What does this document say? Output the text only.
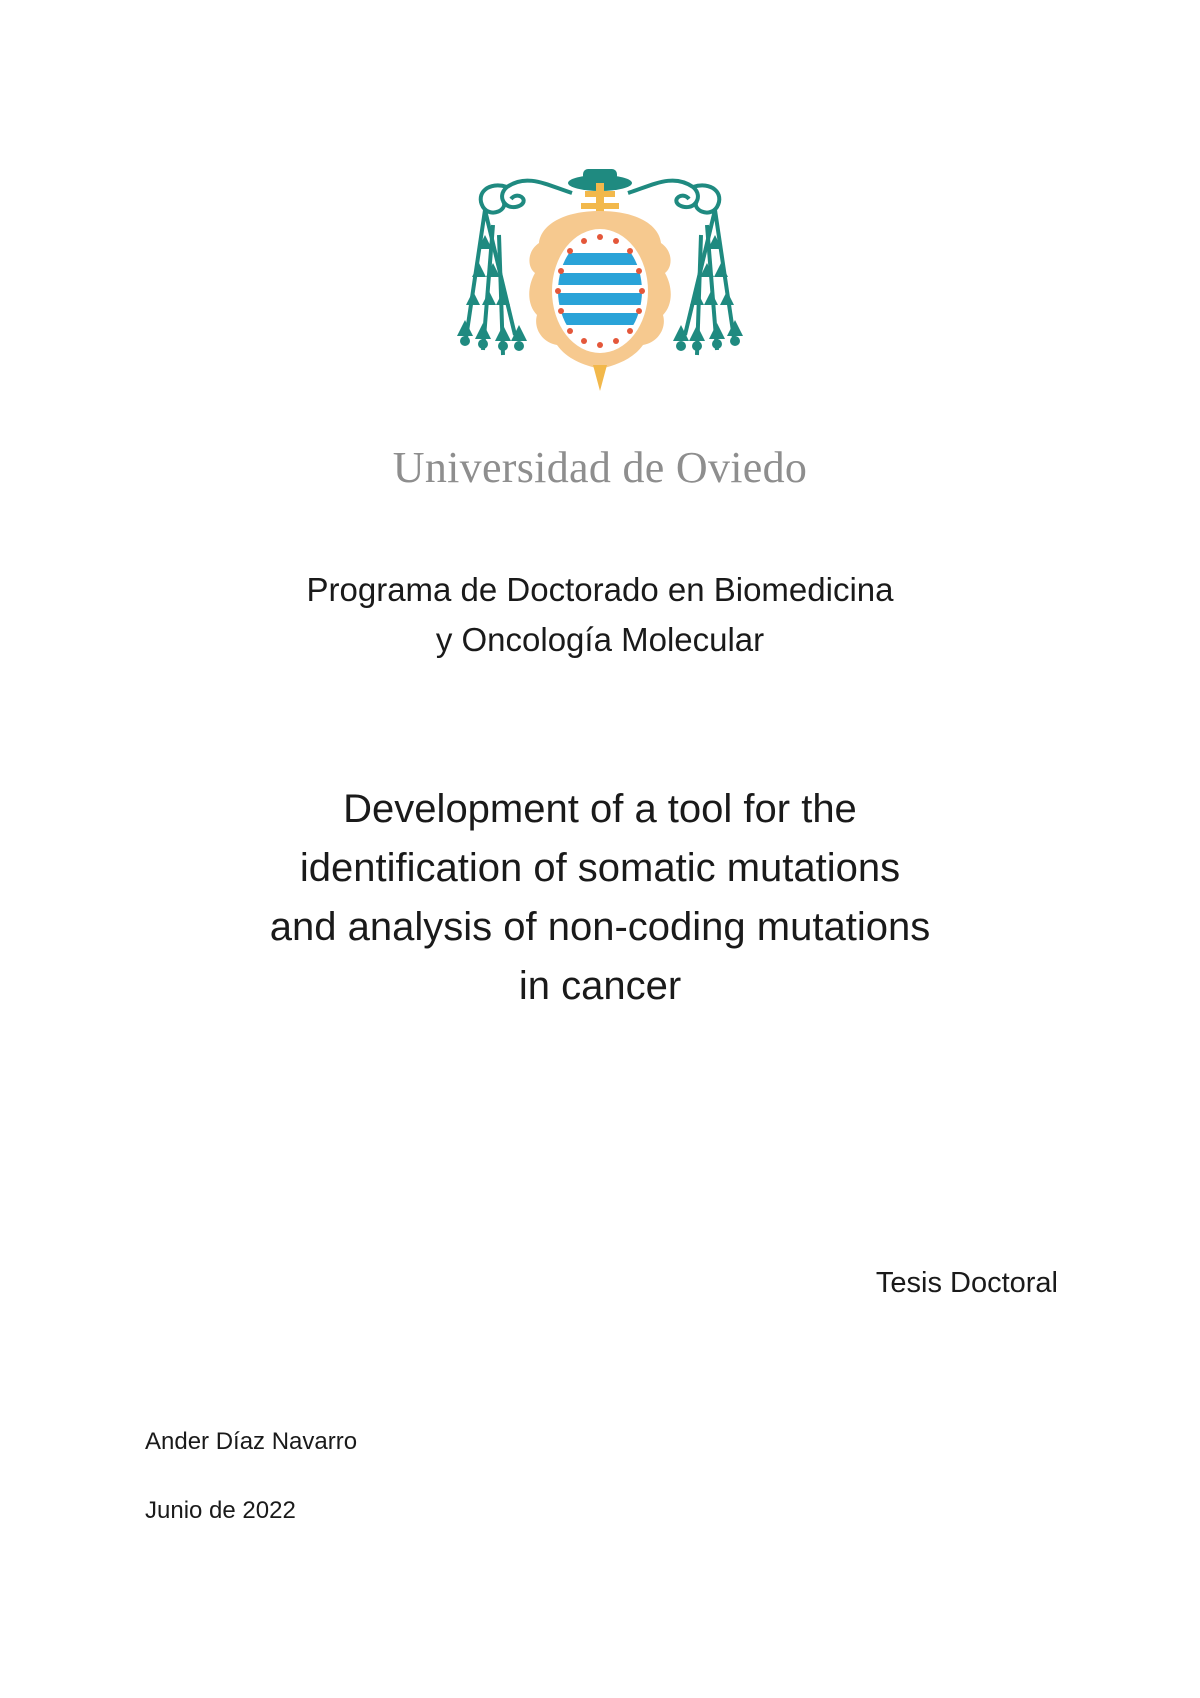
Universidad de Oviedo
Programa de Doctorado en Biomedicina
y Oncología Molecular
Development of a tool for the
identification of somatic mutations
and analysis of non-coding mutations
in cancer
Tesis Doctoral
Ander Díaz Navarro
Junio de 2022
